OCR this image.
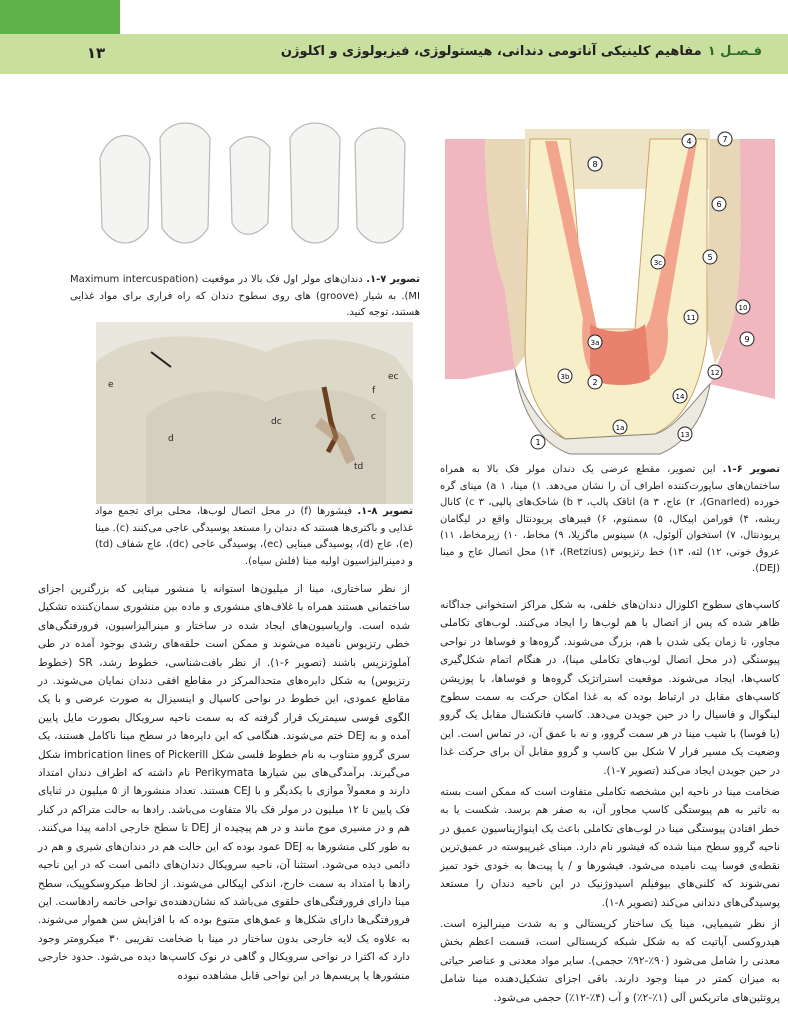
۱۳	فـصـل ۱مفاهیم کلینیکی آناتومی دندانی، هیستولوژی، فیزیولوژی و اکلوژن
1
1a
2
3a
3b
3c
4
5
6
7
8
9
10
11
12
13
14
تصویر ۶-۱. این تصویر، مقطع عرضی یک دندان مولر فک بالا به همراه ساختمان‌های ساپورت‌کننده اطراف آن را نشان می‌دهد. ۱) مینا، a ۱) مینای گره خورده (Gnarled)، ۲) عاج، a ۳) اتاقک پالپ، b ۳) شاخک‌های پالپی، c ۳) کانال ریشه، ۴) فورامن اپیکال، ۵) سمنتوم، ۶) فیبرهای پریودنتال واقع در لیگامان پریودنتال، ۷) استخوان آلوئول، ۸) سینوس ماگزیلا، ۹) مخاط، ۱۰) زیرمخاط، ۱۱) عروق خونی، ۱۲) لثه، ۱۳) خط رتزیوس (Retzius)، ۱۴) محل اتصال عاج و مینا (DEJ).
تصویر ۷-۱. دندان‌های مولر اول فک بالا در موقعیت Maximum intercuspation) MI). به شیار (groove) های روی سطوح دندان که راه فراری برای مواد غذایی هستند، توجه کنید.
e
d
ec
f
c
dc
td
تصویر ۸-۱. فیشورها (f) در محل اتصال لوب‌ها، محلی برای تجمع مواد غذایی و باکتری‌ها هستند که دندان را مستعد پوسیدگی عاجی می‌کنند (c). مینا (e)، عاج (d)، پوسیدگی مینایی (ec)، پوسیدگی عاجی (dc)، عاج شفاف (td) و دمینرالیزاسیون اولیه مینا (فلش سیاه).

کاسپ‌های سطوح اکلوزال دندان‌های خلفی، به شکل مراکز استخوانی جداگانه ظاهر شده که پس از اتصال با هم لوب‌ها را ایجاد می‌کنند. لوب‌های تکاملی مجاور، تا زمان یکی شدن با هم، بزرگ می‌شوند. گروه‌ها و فوساها در نواحی پیوستگی (در محل اتصال لوب‌های تکاملی مینا)، در هنگام اتمام شکل‌گیری کاسپ‌ها، ایجاد می‌شوند. موقعیت استراتژیک گروه‌ها و فوساها، با پوزیشن کاسپ‌های مقابل در ارتباط بوده که به غذا امکان حرکت به سمت سطوح لینگوال و فاسیال را در حین جویدن می‌دهد. کاسپ فانکشنال مقابل یک گروو (یا فوسا) با شیب مینا در هر سمت گروو، و نه با عمق آن، در تماس است. این وضعیت یک مسیر فرار V شکل بین کاسپ و گروو مقابل آن برای حرکت غذا در حین جویدن ایجاد می‌کند (تصویر ۷-۱).

ضخامت مینا در ناحیه این مشخصه تکاملی متفاوت است که ممکن است بسته به تاثیر به هم پیوستگی کاسپ مجاور آن، به صفر هم برسد. شکست یا به خطر افتادن پیوستگی مینا در لوب‌های تکاملی باعث یک اینواژیناسیون عمیق در ناحیه گروو سطح مینا شده که فیشور نام دارد. مینای غیرپیوسته در عمیق‌ترین نقطه‌ی فوسا پیت نامیده می‌شود. فیشورها و / یا پیت‌ها به خودی خود تمیز نمی‌شوند که کلنی‌های بیوفیلم اسیدوژنیک در این ناحیه دندان را مستعد پوسیدگی‌های دندانی می‌کند (تصویر ۸-۱).

از نظر شیمیایی، مینا یک ساختار کریستالی و به شدت مینرالیزه است. هیدروکسی آپاتیت که به شکل شبکه کریستالی است، قسمت اعظم بخش معدنی را شامل می‌شود (۹۰٪-۹۲٪ حجمی). سایر مواد معدنی و عناصر حیاتی به میزان کمتر در مینا وجود دارند. باقی اجزای تشکیل‌دهنده مینا شامل پروتئین‌های ماتریکس آلی (۱٪-۲٪) و آب (۴٪-۱۲٪) حجمی می‌شود.

از نظر ساختاری، مینا از میلیون‌ها استوانه یا منشور مینایی که بزرگترین اجزای ساختمانی هستند همراه با غلاف‌های منشوری و ماده بین منشوری سمان‌کننده تشکیل شده است. واریاسیون‌های ایجاد شده در ساختار و مینرالیزاسیون، فرورفتگی‌های خطی رتزیوس نامیده می‌شوند و ممکن است حلقه‌های رشدی بوجود آمده در طی آملوژنزیس باشند (تصویر ۶-۱). از نظر بافت‌شناسی، خطوط رشد، SR (خطوط رتزیوس) به شکل دایره‌های متحدالمرکز در مقاطع افقی دندان نمایان می‌شوند. در مقاطع عمودی، این خطوط در نواحی کاسپال و اینسیزال به صورت عرضی و با یک الگوی قوسی سیمتریک قرار گرفته که به سمت ناحیه سرویکال بصورت مایل پایین آمده و به DEJ ختم می‌شوند. هنگامی که این دایره‌ها در سطح مینا ناکامل هستند، یک سری گروو متناوب به نام خطوط فلسی شکل imbrication lines of Pickerill شکل می‌گیرند. برآمدگی‌های بین شیارها Perikymata نام داشته که اطراف دندان امتداد دارند و معمولاً موازی با یکدیگر و با CEJ هستند. تعداد منشورها از ۵ میلیون در ثنایای فک پایین تا ۱۲ میلیون در مولر فک بالا متفاوت می‌باشد. راد‌ها به حالت متراکم در کنار هم و در مسیری موج مانند و در هم پیچیده از DEJ تا سطح خارجی ادامه پیدا می‌کنند. به طور کلی منشورها به DEJ عمود بوده که این حالت هم در دندان‌های شیری و هم در دائمی دیده می‌شود. استثنا آن، ناحیه سرویکال دندان‌های دائمی است که در این ناحیه راد‌ها با امتداد به سمت خارج، اندکی اپیکالی می‌شوند. از لحاظ میکروسکوپیک، سطح مینا دارای فرورفتگی‌های حلقوی می‌باشد که نشان‌دهنده‌ی نواحی خاتمه رادهاست. این فرورفتگی‌ها دارای شکل‌ها و عمق‌های متنوع بوده که با افزایش سن هموار می‌شوند. به علاوه یک لایه خارجی بدون ساختار در مینا با ضخامت تقریبی ۳۰ میکرومتر وجود دارد که اکثرا در نواحی سرویکال و گاهی در نوک کاسپ‌ها دیده می‌شود. حدود خارجی منشورها یا پریسم‌ها در این نواحی قابل مشاهده نبوده
